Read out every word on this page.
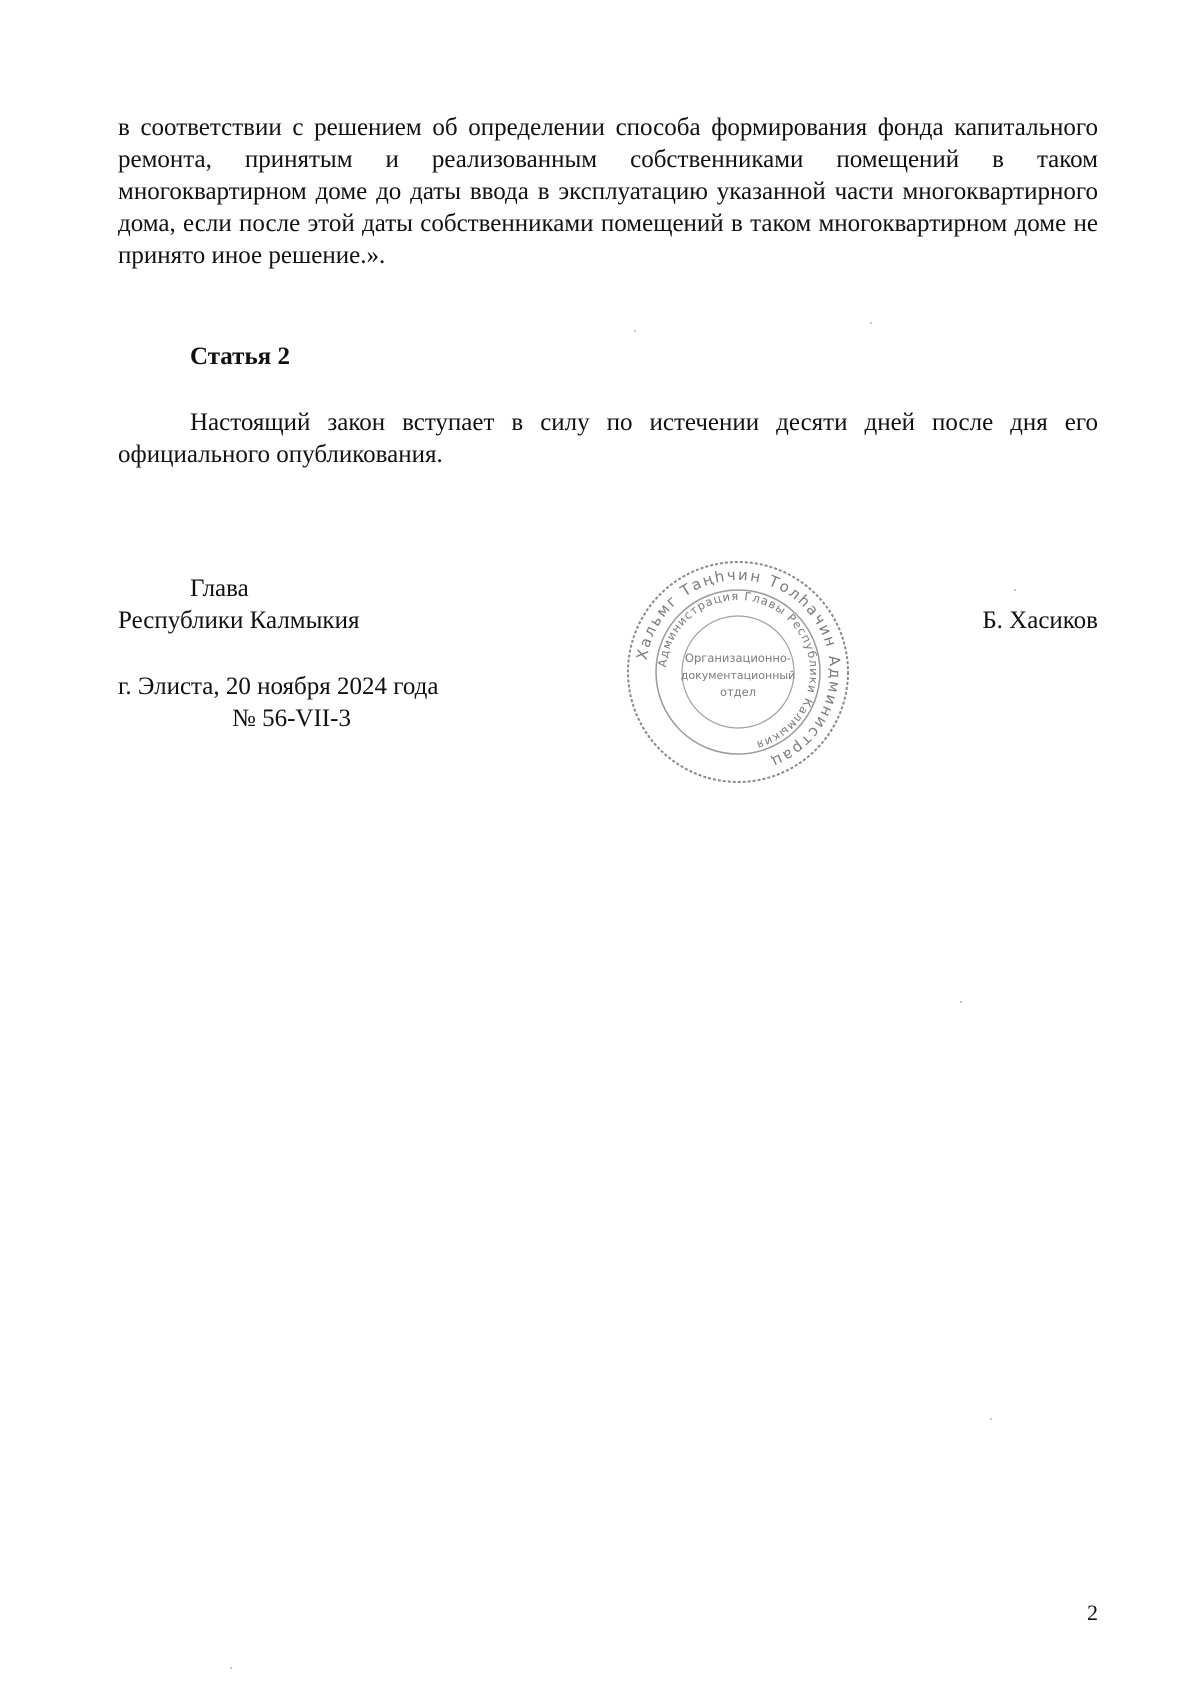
в соответствии с решением об определении способа формирования фонда капитального ремонта, принятым и реализованным собственниками помещений в таком многоквартирном доме до даты ввода в эксплуатацию указанной части многоквартирного дома, если после этой даты собственниками помещений в таком многоквартирном доме не принято иное решение.».

Статья 2

Настоящий закон вступает в силу по истечении десяти дней после дня его официального опубликования.

Глава
Республики Калмыкия
г. Элиста, 20 ноября 2024 года
№ 56-VII-3
Б. Хасиков
Хальмг Таңһчин Толһачин Администрац
Администрация Главы Республики Калмыкия
Организационно-
документационный
отдел
2
